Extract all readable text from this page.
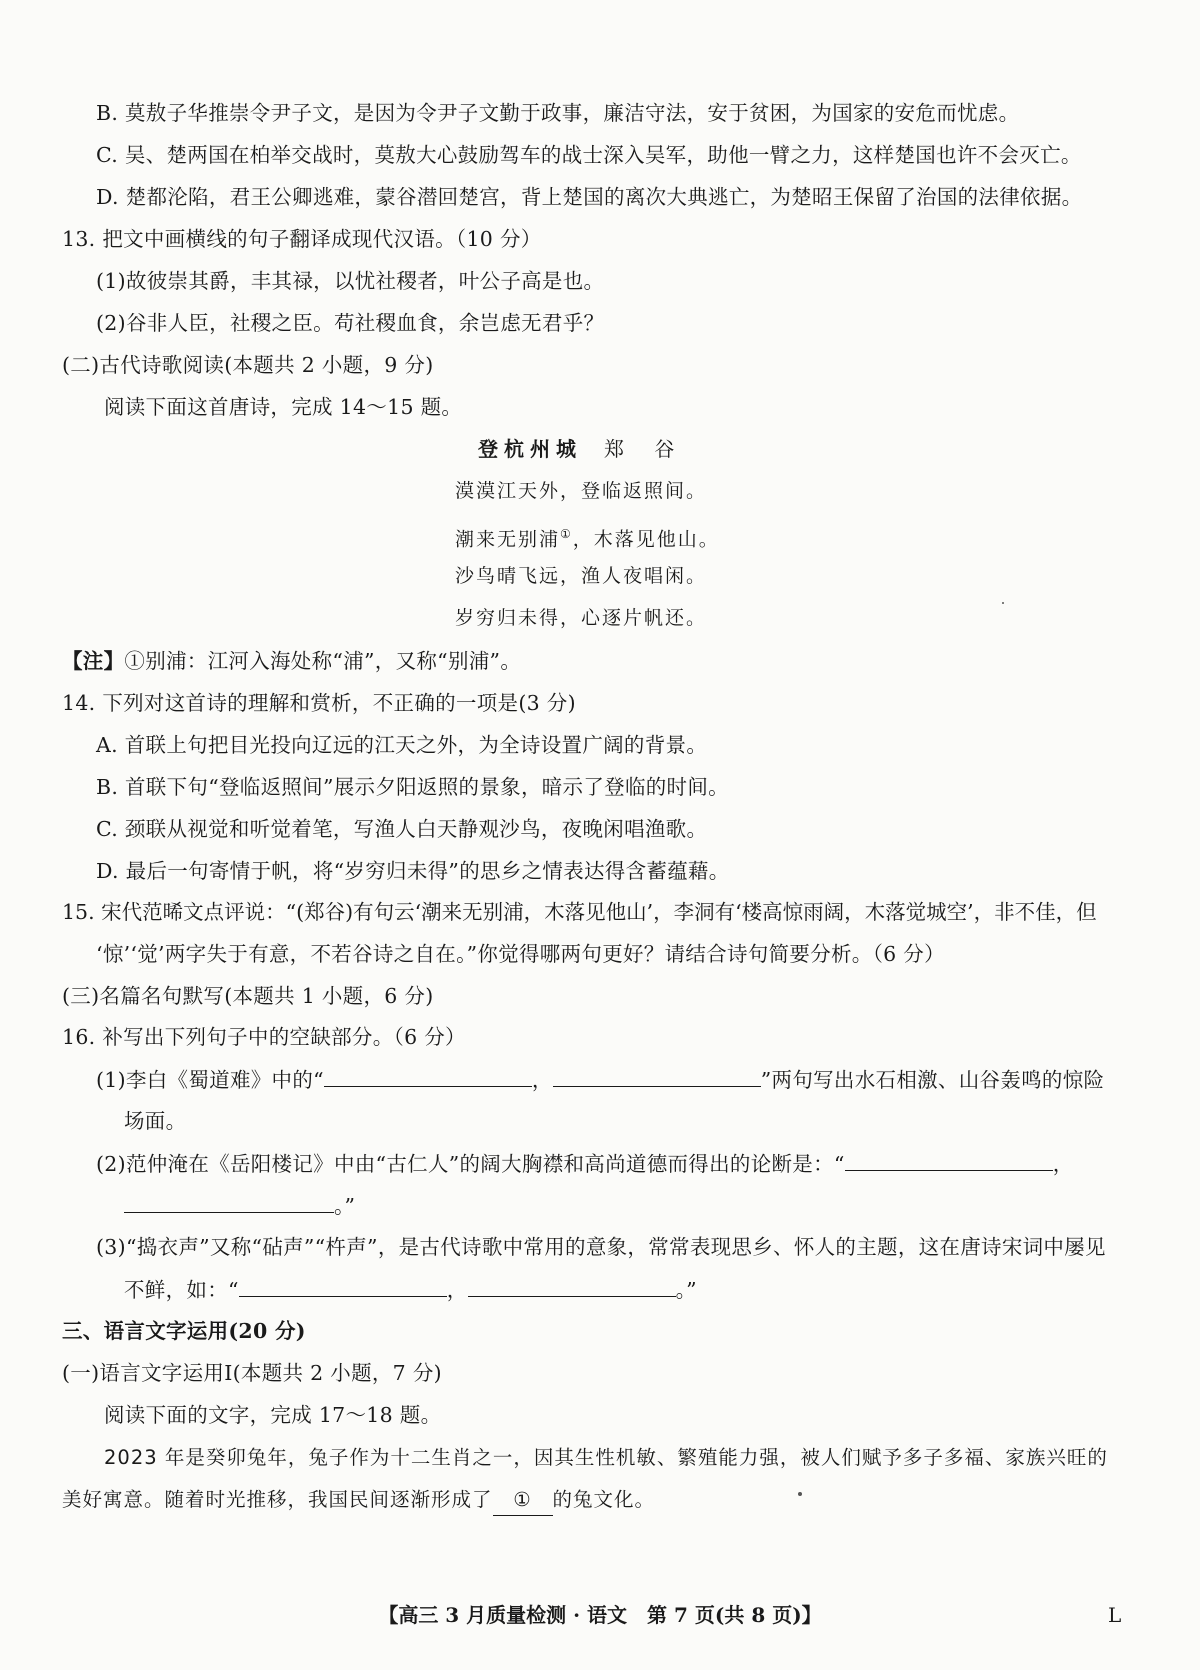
B. 莫敖子华推崇令尹子文，是因为令尹子文勤于政事，廉洁守法，安于贫困，为国家的安危而忧虑。
C. 吴、楚两国在柏举交战时，莫敖大心鼓励驾车的战士深入吴军，助他一臂之力，这样楚国也许不会灭亡。
D. 楚都沦陷，君王公卿逃难，蒙谷潜回楚宫，背上楚国的离次大典逃亡，为楚昭王保留了治国的法律依据。
13. 把文中画横线的句子翻译成现代汉语。（10 分）
(1)故彼崇其爵，丰其禄，以忧社稷者，叶公子高是也。
(2)谷非人臣，社稷之臣。苟社稷血食，余岂虑无君乎？
(二)古代诗歌阅读(本题共 2 小题，9 分)
阅读下面这首唐诗，完成 14～15 题。
登杭州城 郑 谷
漠漠江天外，登临返照间。
潮来无别浦①，木落见他山。
沙鸟晴飞远，渔人夜唱闲。
岁穷归未得，心逐片帆还。
【注】①别浦：江河入海处称“浦”，又称“别浦”。
14. 下列对这首诗的理解和赏析，不正确的一项是(3 分)
A. 首联上句把目光投向辽远的江天之外，为全诗设置广阔的背景。
B. 首联下句“登临返照间”展示夕阳返照的景象，暗示了登临的时间。
C. 颈联从视觉和听觉着笔，写渔人白天静观沙鸟，夜晚闲唱渔歌。
D. 最后一句寄情于帆，将“岁穷归未得”的思乡之情表达得含蓄蕴藉。
15. 宋代范晞文点评说：“(郑谷)有句云‘潮来无别浦，木落见他山’，李洞有‘楼高惊雨阔，木落觉城空’，非不佳，但
‘惊’‘觉’两字失于有意，不若谷诗之自在。”你觉得哪两句更好？请结合诗句简要分析。（6 分）
(三)名篇名句默写(本题共 1 小题，6 分)
16. 补写出下列句子中的空缺部分。（6 分）
(1)李白《蜀道难》中的“	，	”两句写出水石相激、山谷轰鸣的惊险
场面。
(2)范仲淹在《岳阳楼记》中由“古仁人”的阔大胸襟和高尚道德而得出的论断是：“	，
。”
(3)“捣衣声”又称“砧声”“杵声”，是古代诗歌中常用的意象，常常表现思乡、怀人的主题，这在唐诗宋词中屡见
不鲜，如：“	，	。”
三、语言文字运用(20 分)
(一)语言文字运用Ⅰ(本题共 2 小题，7 分)
阅读下面的文字，完成 17～18 题。
2023 年是癸卯兔年，兔子作为十二生肖之一，因其生性机敏、繁殖能力强，被人们赋予多子多福、家族兴旺的
美好寓意。随着时光推移，我国民间逐渐形成了 ① 的兔文化。
【高三 3 月质量检测 · 语文　第 7 页(共 8 页)】	L
